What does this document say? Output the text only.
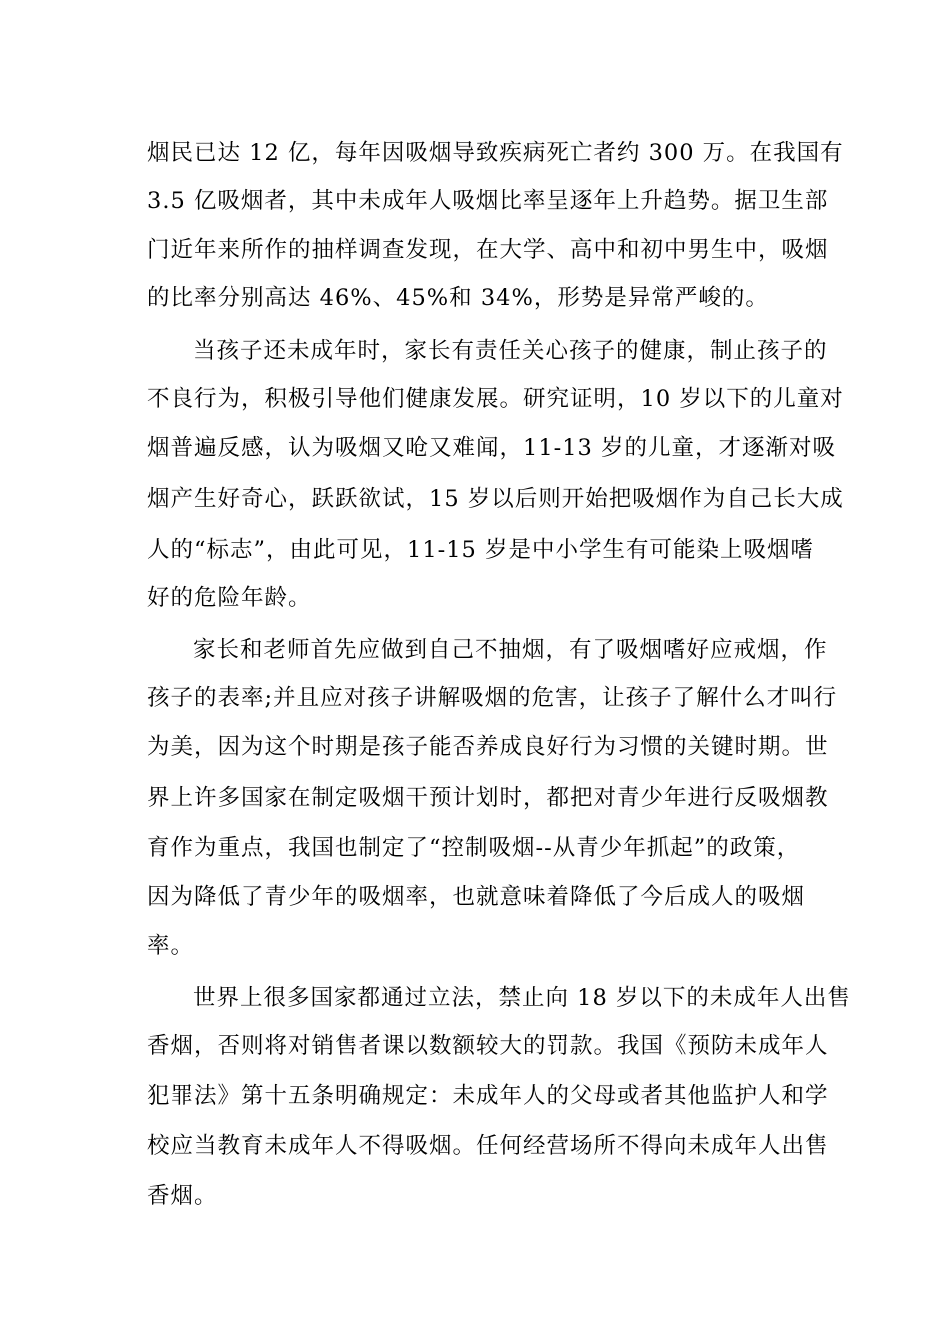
烟民已达 12 亿，每年因吸烟导致疾病死亡者约 300 万。在我国有
3.5 亿吸烟者，其中未成年人吸烟比率呈逐年上升趋势。据卫生部
门近年来所作的抽样调查发现，在大学、高中和初中男生中，吸烟
的比率分别高达 46%、45%和 34%，形势是异常严峻的。
当孩子还未成年时，家长有责任关心孩子的健康，制止孩子的
不良行为，积极引导他们健康发展。研究证明，10 岁以下的儿童对
烟普遍反感，认为吸烟又呛又难闻，11-13 岁的儿童，才逐渐对吸
烟产生好奇心，跃跃欲试，15 岁以后则开始把吸烟作为自己长大成
人的“标志”，由此可见，11-15 岁是中小学生有可能染上吸烟嗜
好的危险年龄。
家长和老师首先应做到自己不抽烟，有了吸烟嗜好应戒烟，作
孩子的表率;并且应对孩子讲解吸烟的危害，让孩子了解什么才叫行
为美，因为这个时期是孩子能否养成良好行为习惯的关键时期。世
界上许多国家在制定吸烟干预计划时，都把对青少年进行反吸烟教
育作为重点，我国也制定了“控制吸烟--从青少年抓起”的政策，
因为降低了青少年的吸烟率，也就意味着降低了今后成人的吸烟
率。
世界上很多国家都通过立法，禁止向 18 岁以下的未成年人出售
香烟，否则将对销售者课以数额较大的罚款。我国《预防未成年人
犯罪法》第十五条明确规定：未成年人的父母或者其他监护人和学
校应当教育未成年人不得吸烟。任何经营场所不得向未成年人出售
香烟。
